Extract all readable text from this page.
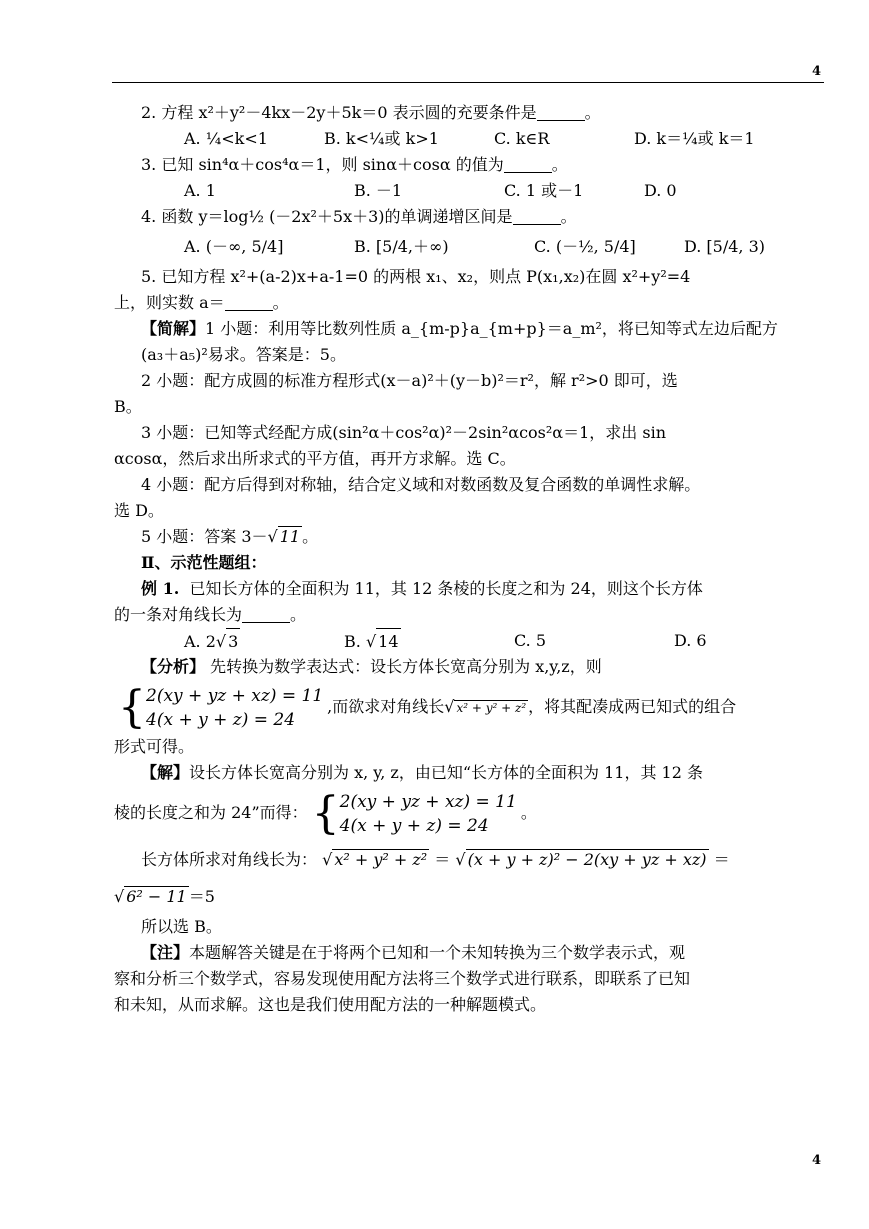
4
2. 方程 x²＋y²－4kx－2y＋5k＝0 表示圆的充要条件是	。
A. ¼<k<1	B. k<¼或 k>1	C. k∈R	D. k＝¼或 k＝1
3. 已知 sin⁴α＋cos⁴α＝1，则 sinα＋cosα 的值为	。
A. 1	B. －1	C. 1 或－1	D. 0
4. 函数 y＝log½ (－2x²＋5x＋3)的单调递增区间是	。
A. (－∞, 5/4]	B. [5/4,＋∞)	C. (－½, 5/4]	D. [5/4, 3)
5. 已知方程 x²+(a-2)x+a-1=0 的两根 x₁、x₂，则点 P(x₁,x₂)在圆 x²+y²=4
上，则实数 a＝	。
【简解】1 小题：利用等比数列性质 a_{m-p}a_{m+p}＝a_m²，将已知等式左边后配方
(a₃＋a₅)²易求。答案是：5。
2 小题：配方成圆的标准方程形式(x－a)²＋(y－b)²＝r²，解 r²>0 即可，选
B。
3 小题：已知等式经配方成(sin²α＋cos²α)²－2sin²αcos²α＝1，求出 sin
αcosα，然后求出所求式的平方值，再开方求解。选 C。
4 小题：配方后得到对称轴，结合定义域和对数函数及复合函数的单调性求解。
选 D。
5 小题：答案 3－√ 11 。
Ⅱ、示范性题组：
例 1. 已知长方体的全面积为 11，其 12 条棱的长度之和为 24，则这个长方体
的一条对角线长为	。
A. 2√ 3	B. √ 14	C. 5	D. 6
【分析】 先转换为数学表达式：设长方体长宽高分别为 x,y,z，则
{ 2(xy + yz + xz) = 11
4(x + y + z) = 24
,而欲求对角线长√ x² + y² + z² ，将其配凑成两已知式的组合
形式可得。
【解】设长方体长宽高分别为 x, y, z，由已知“长方体的全面积为 11，其 12 条
棱的长度之和为 24”而得： { 2(xy + yz + xz) = 11
4(x + y + z) = 24
。
长方体所求对角线长为： √ x² + y² + z² ＝ √ (x + y + z)² − 2(xy + yz + xz) ＝
√ 6² − 11 ＝5
所以选 B。
【注】本题解答关键是在于将两个已知和一个未知转换为三个数学表示式，观
察和分析三个数学式，容易发现使用配方法将三个数学式进行联系，即联系了已知
和未知，从而求解。这也是我们使用配方法的一种解题模式。
4
